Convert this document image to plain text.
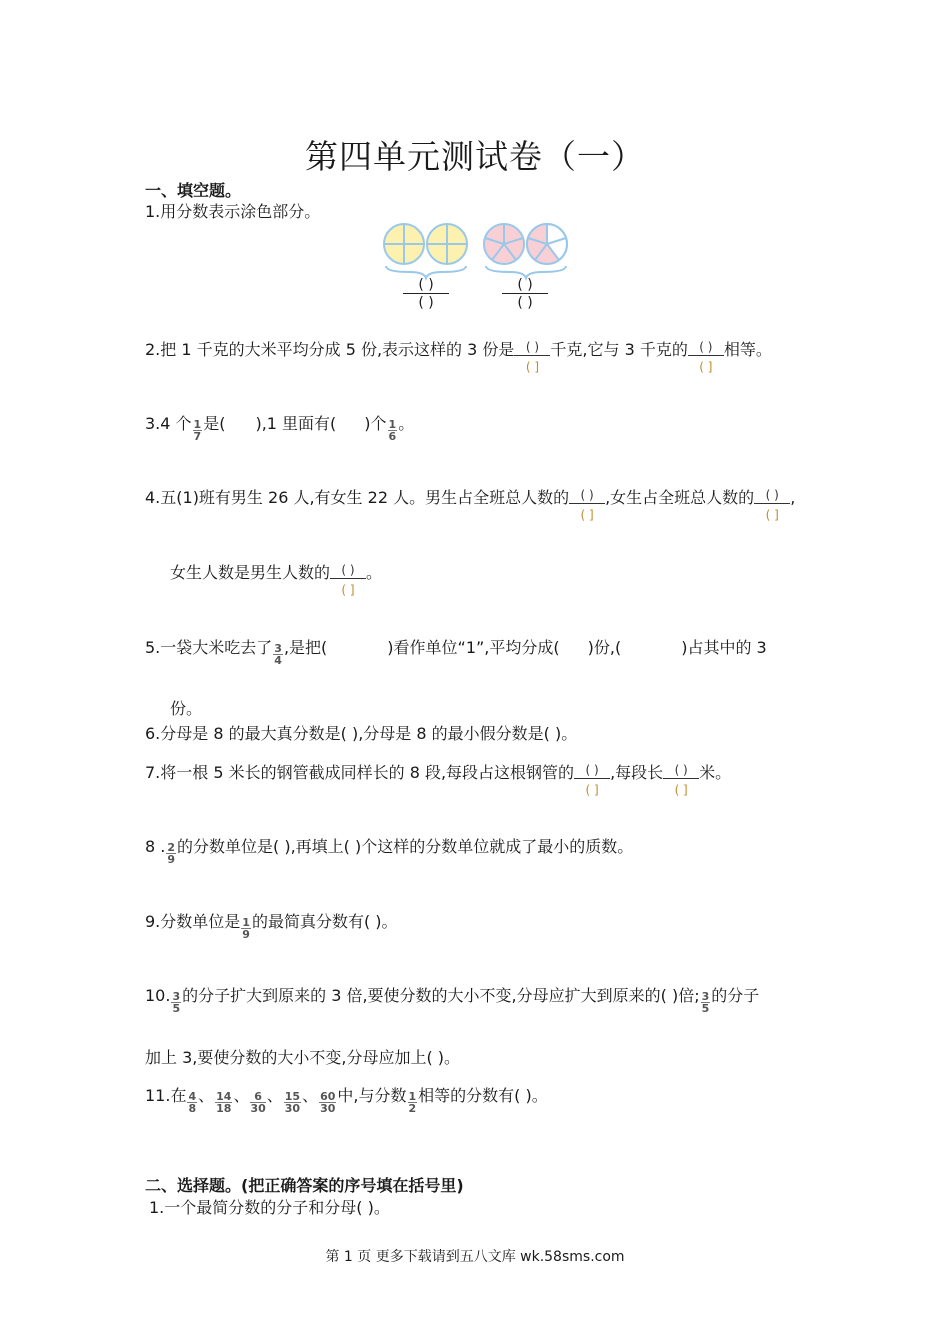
第四单元测试卷（一）
一、填空题。
1.用分数表示涂色部分。
( )
( )
( )
( )
2.把 1 千克的大米平均分成 5 份,表示这样的 3 份是 ( )
( ]
千克,它与 3 千克的 ( )
( ]
相等。
3.4 个 $\frac{1}{7}$ 是( ),1 里面有( )个 $\frac{1}{6}$ 。
4.五(1)班有男生 26 人,有女生 22 人。男生占全班总人数的 ( )
( ]
,女生占全班总人数的 ( )
( ]
,
女生人数是男生人数的 ( )
( ]
。
5.一袋大米吃去了 $\frac{3}{4}$ ,是把(	)看作单位“1”,平均分成( )份,(	)占其中的 3
份。
6.分母是 8 的最大真分数是( ),分母是 8 的最小假分数是( )。
7.将一根 5 米长的钢管截成同样长的 8 段,每段占这根钢管的 ( )
( ]
,每段长 ( )
( ]
米。
8 . $\frac{2}{9}$ 的分数单位是( ),再填上( )个这样的分数单位就成了最小的质数。
9.分数单位是 $\frac{1}{9}$ 的最简真分数有( )。
10. $\frac{3}{5}$ 的分子扩大到原来的 3 倍,要使分数的大小不变,分母应扩大到原来的( )倍; $\frac{3}{5}$ 的分子
加上 3,要使分数的大小不变,分母应加上( )。
11.在 $\frac{4}{8}$ 、 $\frac{14}{18}$ 、 $\frac{6}{30}$ 、 $\frac{15}{30}$ 、 $\frac{60}{30}$ 中,与分数 $\frac{1}{2}$ 相等的分数有( )。
二、选择题。(把正确答案的序号填在括号里)
1.一个最简分数的分子和分母( )。
第 1 页 更多下载请到五八文库 wk.58sms.com
